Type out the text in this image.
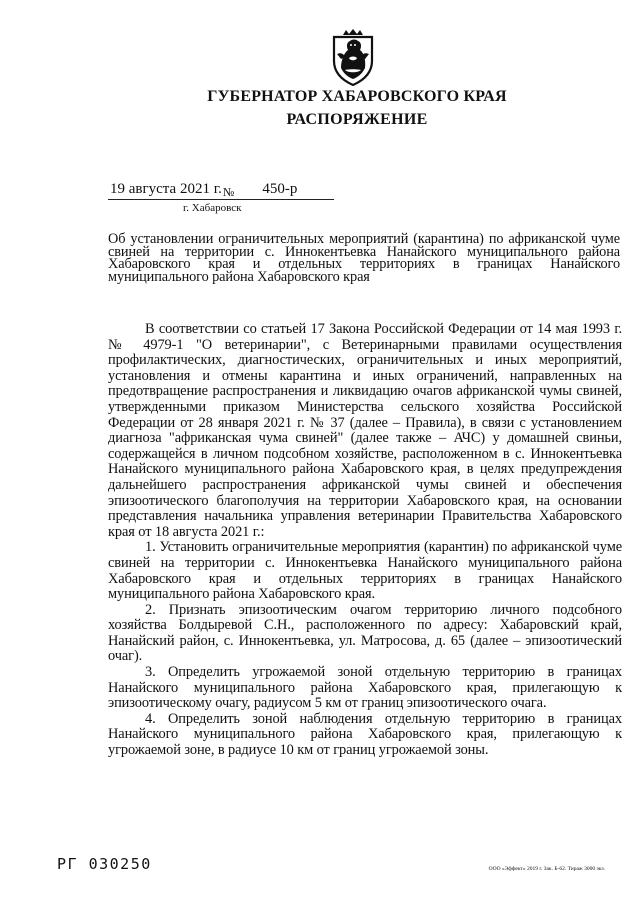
ГУБЕРНАТОР ХАБАРОВСКОГО КРАЯ
РАСПОРЯЖЕНИЕ
19 августа 2021 г.№ 450-р
г. Хабаровск

Об установлении ограничительных мероприятий (карантина) по африканской чуме свиней на территории с. Иннокентьевка Нанайского муниципального района Хабаровского края и отдельных территориях в границах Нанайского муниципального района Хабаровского края

В соответствии со статьей 17 Закона Российской Федерации от 14 мая 1993 г. № 4979-1 "О ветеринарии", с Ветеринарными правилами осуществления профилактических, диагностических, ограничительных и иных мероприятий, установления и отмены карантина и иных ограничений, направленных на предотвращение распространения и ликвидацию очагов африканской чумы свиней, утвержденными приказом Министерства сельского хозяйства Российской Федерации от 28 января 2021 г. № 37 (далее – Правила), в связи с установлением диагноза "африканская чума свиней" (далее также – АЧС) у домашней свиньи, содержащейся в личном подсобном хозяйстве, расположенном в с. Иннокентьевка Нанайского муниципального района Хабаровского края, в целях предупреждения дальнейшего распространения африканской чумы свиней и обеспечения эпизоотического благополучия на территории Хабаровского края, на основании представления начальника управления ветеринарии Правительства Хабаровского края от 18 августа 2021 г.:

1. Установить ограничительные мероприятия (карантин) по африканской чуме свиней на территории с. Иннокентьевка Нанайского муниципального района Хабаровского края и отдельных территориях в границах Нанайского муниципального района Хабаровского края.

2. Признать эпизоотическим очагом территорию личного подсобного хозяйства Болдыревой С.Н., расположенного по адресу: Хабаровский край, Нанайский район, с. Иннокентьевка, ул. Матросова, д. 65 (далее – эпизоотический очаг).

3. Определить угрожаемой зоной отдельную территорию в границах Нанайского муниципального района Хабаровского края, прилегающую к эпизоотическому очагу, радиусом 5 км от границ эпизоотического очага.

4. Определить зоной наблюдения отдельную территорию в границах Нанайского муниципального района Хабаровского края, прилегающую к угрожаемой зоне, в радиусе 10 км от границ угрожаемой зоны.

РГ 030250	ООО «Эффект» 2019 г. Зак. Б-62. Тираж 3000 экз.
